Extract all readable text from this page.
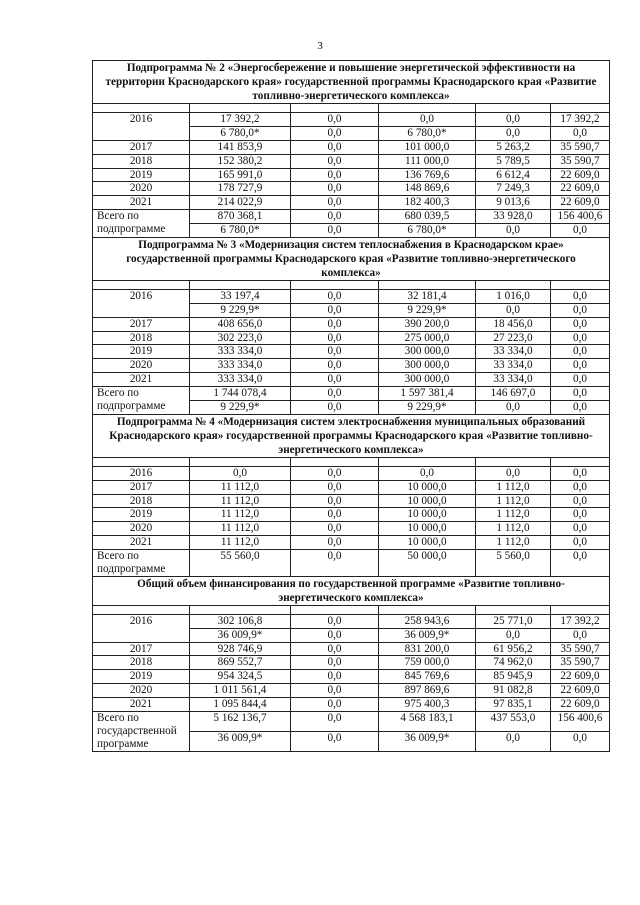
3
Подпрограмма № 2 «Энергосбережение и повышение энергетической эффективности на территории Краснодарского края» государственной программы Краснодарского края «Развитие топливно-энергетического комплекса»					

2016	17 392,2	0,0	0,0	0,0	17 392,2
	6 780,0*	0,0	6 780,0*	0,0	0,0
2017	141 853,9	0,0	101 000,0	5 263,2	35 590,7
2018	152 380,2	0,0	111 000,0	5 789,5	35 590,7
2019	165 991,0	0,0	136 769,6	6 612,4	22 609,0
2020	178 727,9	0,0	148 869,6	7 249,3	22 609,0
2021	214 022,9	0,0	182 400,3	9 013,6	22 609,0
Всего по подпрограмме	870 368,1	0,0	680 039,5	33 928,0	156 400,6
	6 780,0*	0,0	6 780,0*	0,0	0,0
Подпрограмма № 3 «Модернизация систем теплоснабжения в Краснодарском крае» государственной программы Краснодарского края «Развитие топливно-энергетического комплекса»					

2016	33 197,4	0,0	32 181,4	1 016,0	0,0
	9 229,9*	0,0	9 229,9*	0,0	0,0
2017	408 656,0	0,0	390 200,0	18 456,0	0,0
2018	302 223,0	0,0	275 000,0	27 223,0	0,0
2019	333 334,0	0,0	300 000,0	33 334,0	0,0
2020	333 334,0	0,0	300 000,0	33 334,0	0,0
2021	333 334,0	0,0	300 000,0	33 334,0	0,0
Всего по подпрограмме	1 744 078,4	0,0	1 597 381,4	146 697,0	0,0
	9 229,9*	0,0	9 229,9*	0,0	0,0
Подпрограмма № 4 «Модернизация систем электроснабжения муниципальных образований Краснодарского края» государственной программы Краснодарского края «Развитие топливно-энергетического комплекса»					

2016	0,0	0,0	0,0	0,0	0,0
2017	11 112,0	0,0	10 000,0	1 112,0	0,0
2018	11 112,0	0,0	10 000,0	1 112,0	0,0
2019	11 112,0	0,0	10 000,0	1 112,0	0,0
2020	11 112,0	0,0	10 000,0	1 112,0	0,0
2021	11 112,0	0,0	10 000,0	1 112,0	0,0
Всего по подпрограмме	55 560,0	0,0	50 000,0	5 560,0	0,0
Общий объем финансирования по государственной программе «Развитие топливно-энергетического комплекса»					

2016	302 106,8	0,0	258 943,6	25 771,0	17 392,2
	36 009,9*	0,0	36 009,9*	0,0	0,0
2017	928 746,9	0,0	831 200,0	61 956,2	35 590,7
2018	869 552,7	0,0	759 000,0	74 962,0	35 590,7
2019	954 324,5	0,0	845 769,6	85 945,9	22 609,0
2020	1 011 561,4	0,0	897 869,6	91 082,8	22 609,0
2021	1 095 844,4	0,0	975 400,3	97 835,1	22 609,0
Всего по государственной программе	5 162 136,7	0,0	4 568 183,1	437 553,0	156 400,6
	36 009,9*	0,0	36 009,9*	0,0	0,0
